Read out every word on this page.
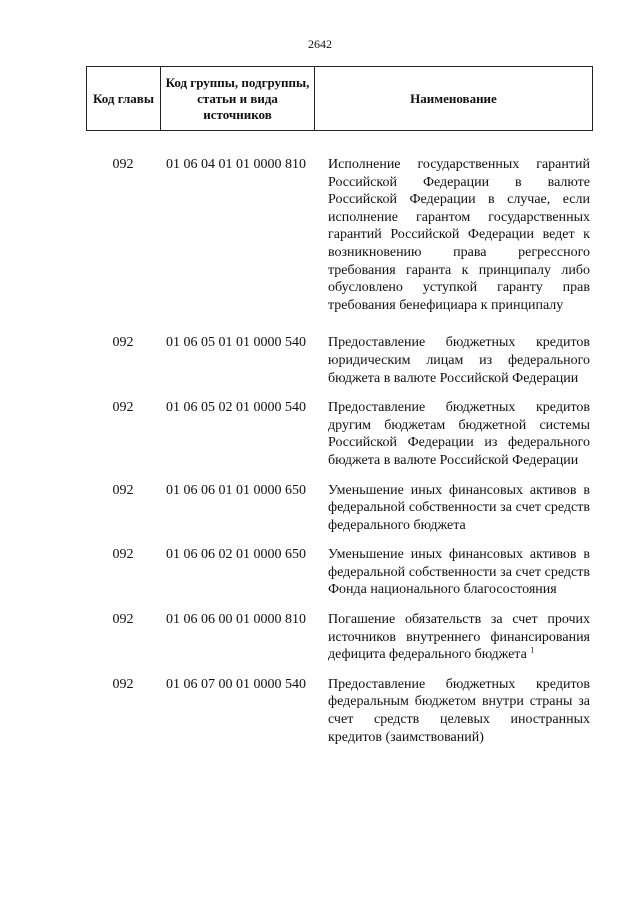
2642
Код главы	Код группы, подгруппы, статьи и вида источников	Наименование
092	01 06 04 01 01 0000 810	Исполнение государственных гарантий Российской Федерации в валюте Российской Федерации в случае, если исполнение гарантом государственных гарантий Российской Федерации ведет к возникновению права регрессного требования гаранта к принципалу либо обусловлено уступкой гаранту прав требования бенефициара к принципалу
092	01 06 05 01 01 0000 540	Предоставление бюджетных кредитов юридическим лицам из федерального бюджета в валюте Российской Федерации
092	01 06 05 02 01 0000 540	Предоставление бюджетных кредитов другим бюджетам бюджетной системы Российской Федерации из федерального бюджета в валюте Российской Федерации
092	01 06 06 01 01 0000 650	Уменьшение иных финансовых активов в федеральной собственности за счет средств федерального бюджета
092	01 06 06 02 01 0000 650	Уменьшение иных финансовых активов в федеральной собственности за счет средств Фонда национального благосостояния
092	01 06 06 00 01 0000 810	Погашение обязательств за счет прочих источников внутреннего финансирования дефицита федерального бюджета $^1$
092	01 06 07 00 01 0000 540	Предоставление бюджетных кредитов федеральным бюджетом внутри страны за счет средств целевых иностранных кредитов (заимствований)
